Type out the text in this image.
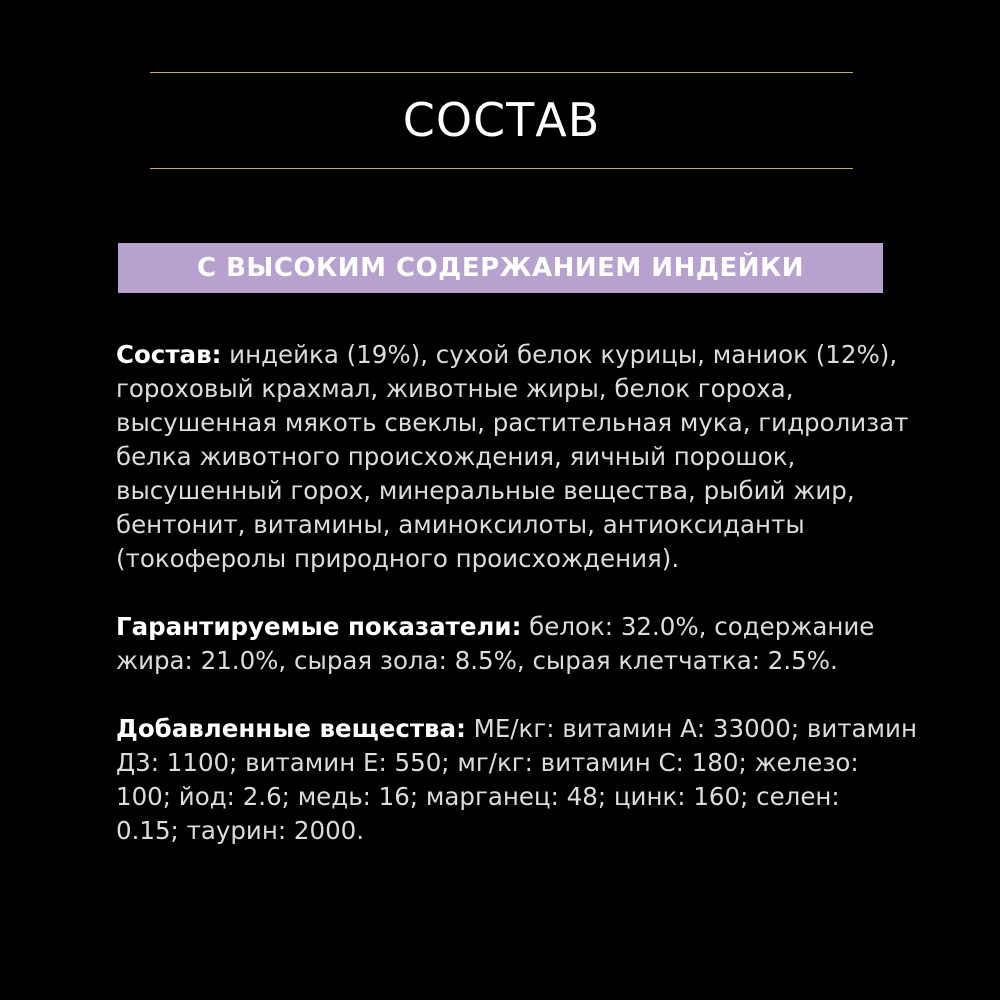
СОСТАВ
С ВЫСОКИМ СОДЕРЖАНИЕМ ИНДЕЙКИ

Состав: индейка (19%), сухой белок курицы, маниок (12%),
гороховый крахмал, животные жиры, белок гороха,
высушенная мякоть свеклы, растительная мука, гидролизат
белка животного происхождения, яичный порошок,
высушенный горох, минеральные вещества, рыбий жир,
бентонит, витамины, аминоксилоты, антиоксиданты
(токоферолы природного происхождения).

Гарантируемые показатели: белок: 32.0%, содержание
жира: 21.0%, сырая зола: 8.5%, сырая клетчатка: 2.5%.

Добавленные вещества: МЕ/кг: витамин А: 33000; витамин
Д3: 1100; витамин Е: 550; мг/кг: витамин С: 180; железо:
100; йод: 2.6; медь: 16; марганец: 48; цинк: 160; селен:
0.15; таурин: 2000.
